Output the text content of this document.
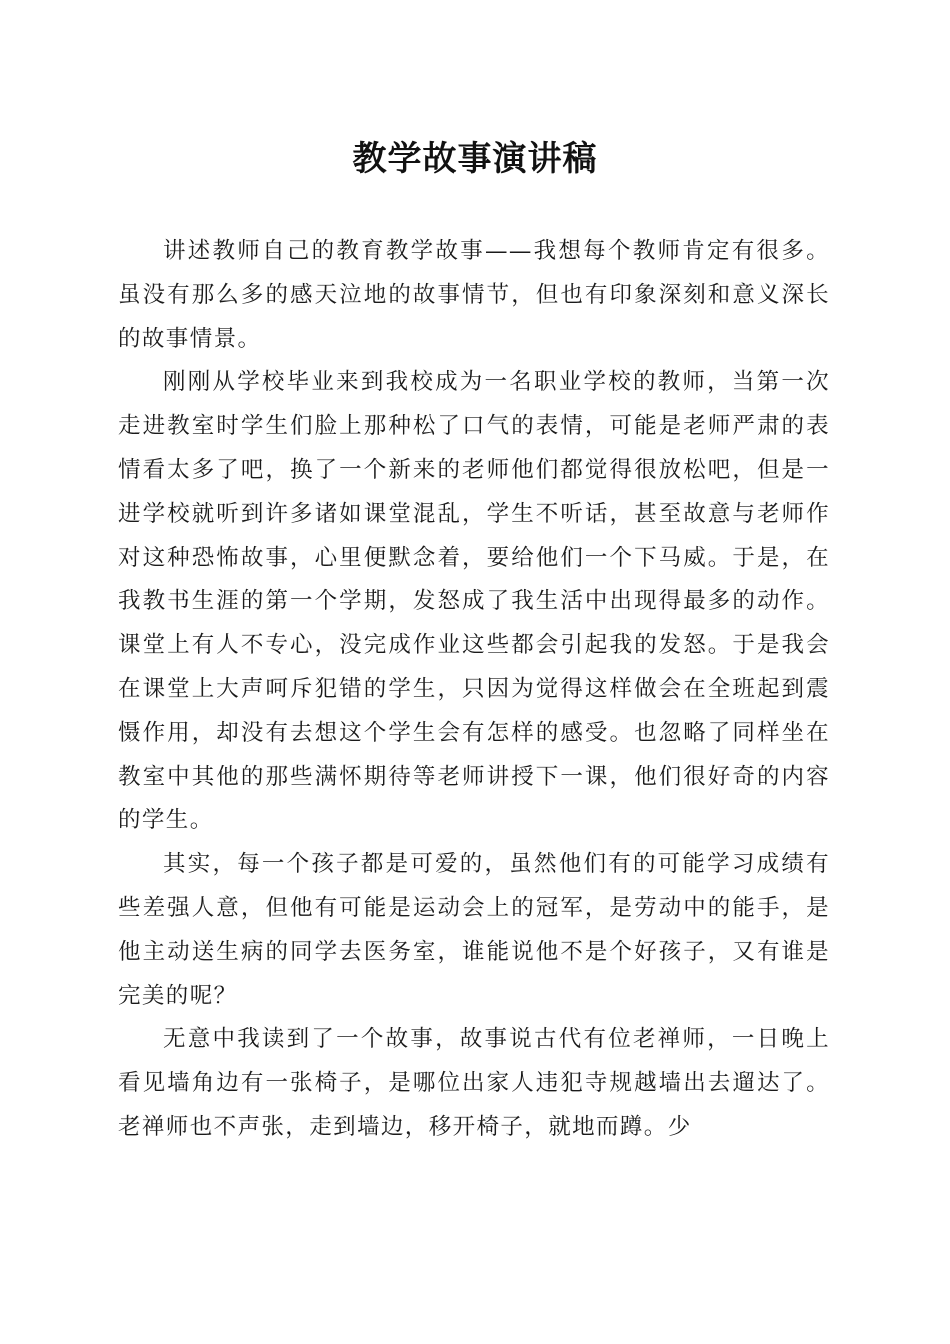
教学故事演讲稿

讲述教师自己的教育教学故事——我想每个教师肯定有很多。虽没有那么多的感天泣地的故事情节，但也有印象深刻和意义深长的故事情景。

刚刚从学校毕业来到我校成为一名职业学校的教师，当第一次走进教室时学生们脸上那种松了口气的表情，可能是老师严肃的表情看太多了吧，换了一个新来的老师他们都觉得很放松吧，但是一进学校就听到许多诸如课堂混乱，学生不听话，甚至故意与老师作对这种恐怖故事，心里便默念着，要给他们一个下马威。于是，在我教书生涯的第一个学期，发怒成了我生活中出现得最多的动作。课堂上有人不专心，没完成作业这些都会引起我的发怒。于是我会在课堂上大声呵斥犯错的学生，只因为觉得这样做会在全班起到震慑作用，却没有去想这个学生会有怎样的感受。也忽略了同样坐在教室中其他的那些满怀期待等老师讲授下一课，他们很好奇的内容的学生。

其实，每一个孩子都是可爱的，虽然他们有的可能学习成绩有些差强人意，但他有可能是运动会上的冠军，是劳动中的能手，是他主动送生病的同学去医务室，谁能说他不是个好孩子，又有谁是完美的呢？

无意中我读到了一个故事，故事说古代有位老禅师，一日晚上看见墙角边有一张椅子，是哪位出家人违犯寺规越墙出去遛达了。老禅师也不声张，走到墙边，移开椅子，就地而蹲。少
